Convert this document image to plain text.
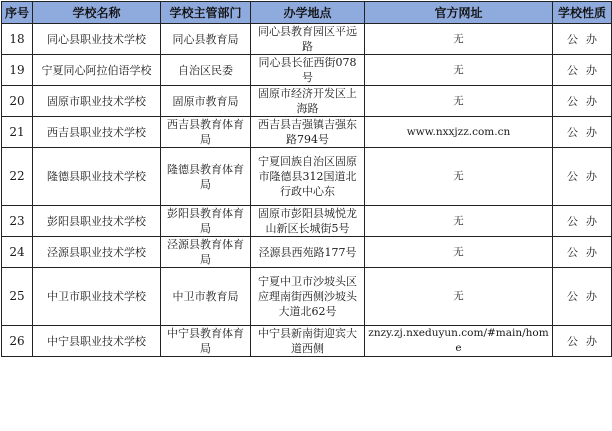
序号	学校名称	学校主管部门	办学地点	官方网址	学校性质
18	同心县职业技术学校	同心县教育局	同心县教育园区平远路	无	公办
19	宁夏同心阿拉伯语学校	自治区民委	同心县长征西街078号	无	公办
20	固原市职业技术学校	固原市教育局	固原市经济开发区上海路	无	公办
21	西吉县职业技术学校	西吉县教育体育局	西吉县吉强镇吉强东路794号	www.nxxjzz.com.cn	公办
22	隆德县职业技术学校	隆德县教育体育局	宁夏回族自治区固原市隆德县312国道北行政中心东	无	公办
23	彭阳县职业技术学校	彭阳县教育体育局	固原市彭阳县城悦龙山新区长城街5号	无	公办
24	泾源县职业技术学校	泾源县教育体育局	泾源县西苑路177号	无	公办
25	中卫市职业技术学校	中卫市教育局	宁夏中卫市沙坡头区应理南街西侧沙坡头大道北62号	无	公办
26	中宁县职业技术学校	中宁县教育体育局	中宁县新南街迎宾大道西侧	znzy.zj.nxeduyun.com/#main/home	公办
